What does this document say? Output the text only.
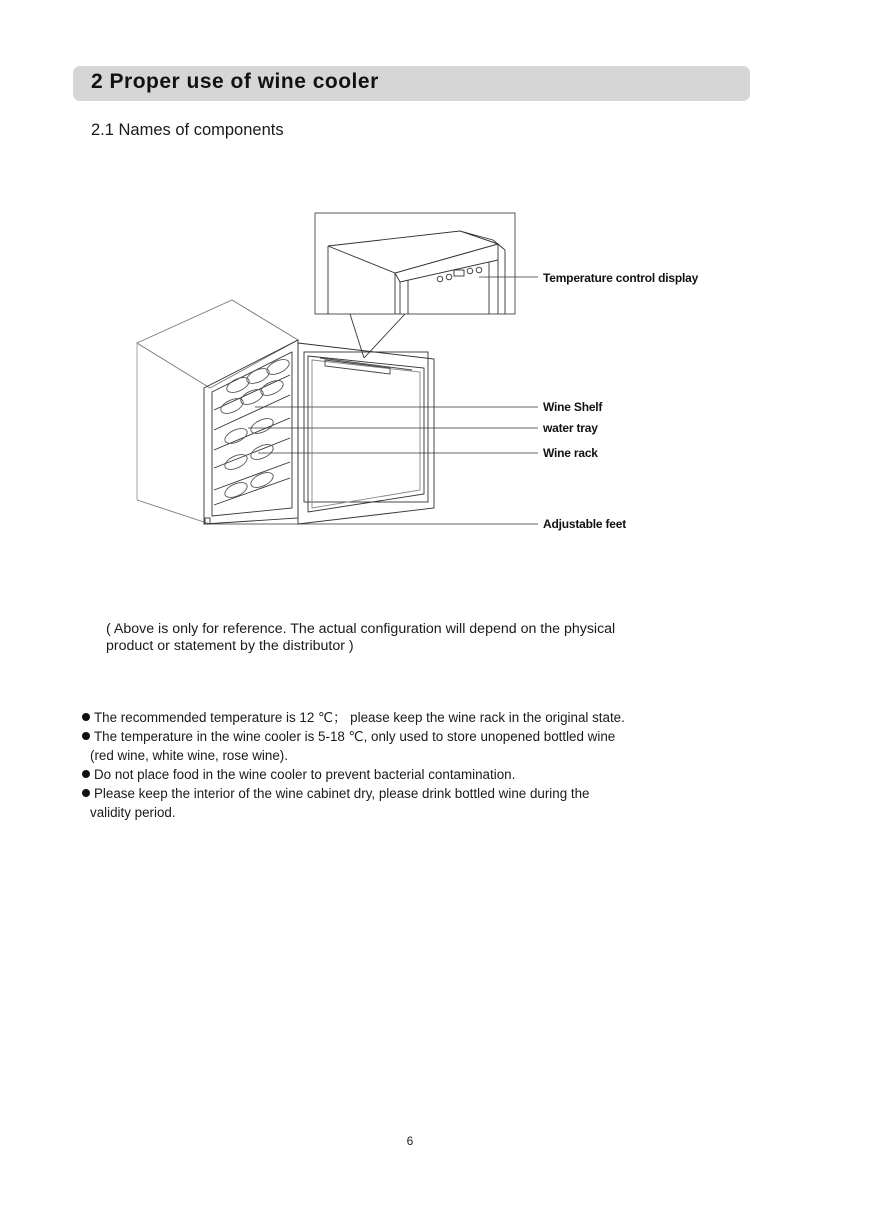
2 Proper use of wine cooler
2.1 Names of components
Temperature control display
Wine Shelf
water tray
Wine rack
Adjustable feet
( Above is only for reference. The actual configuration will depend on the physical
product or statement by the distributor )
The recommended temperature is 12 ℃； please keep the wine rack in the original state.
The temperature in the wine cooler is 5-18 ℃, only used to store unopened bottled wine
(red wine, white wine, rose wine).
Do not place food in the wine cooler to prevent bacterial contamination.
Please keep the interior of the wine cabinet dry, please drink bottled wine during the
validity period.
6
